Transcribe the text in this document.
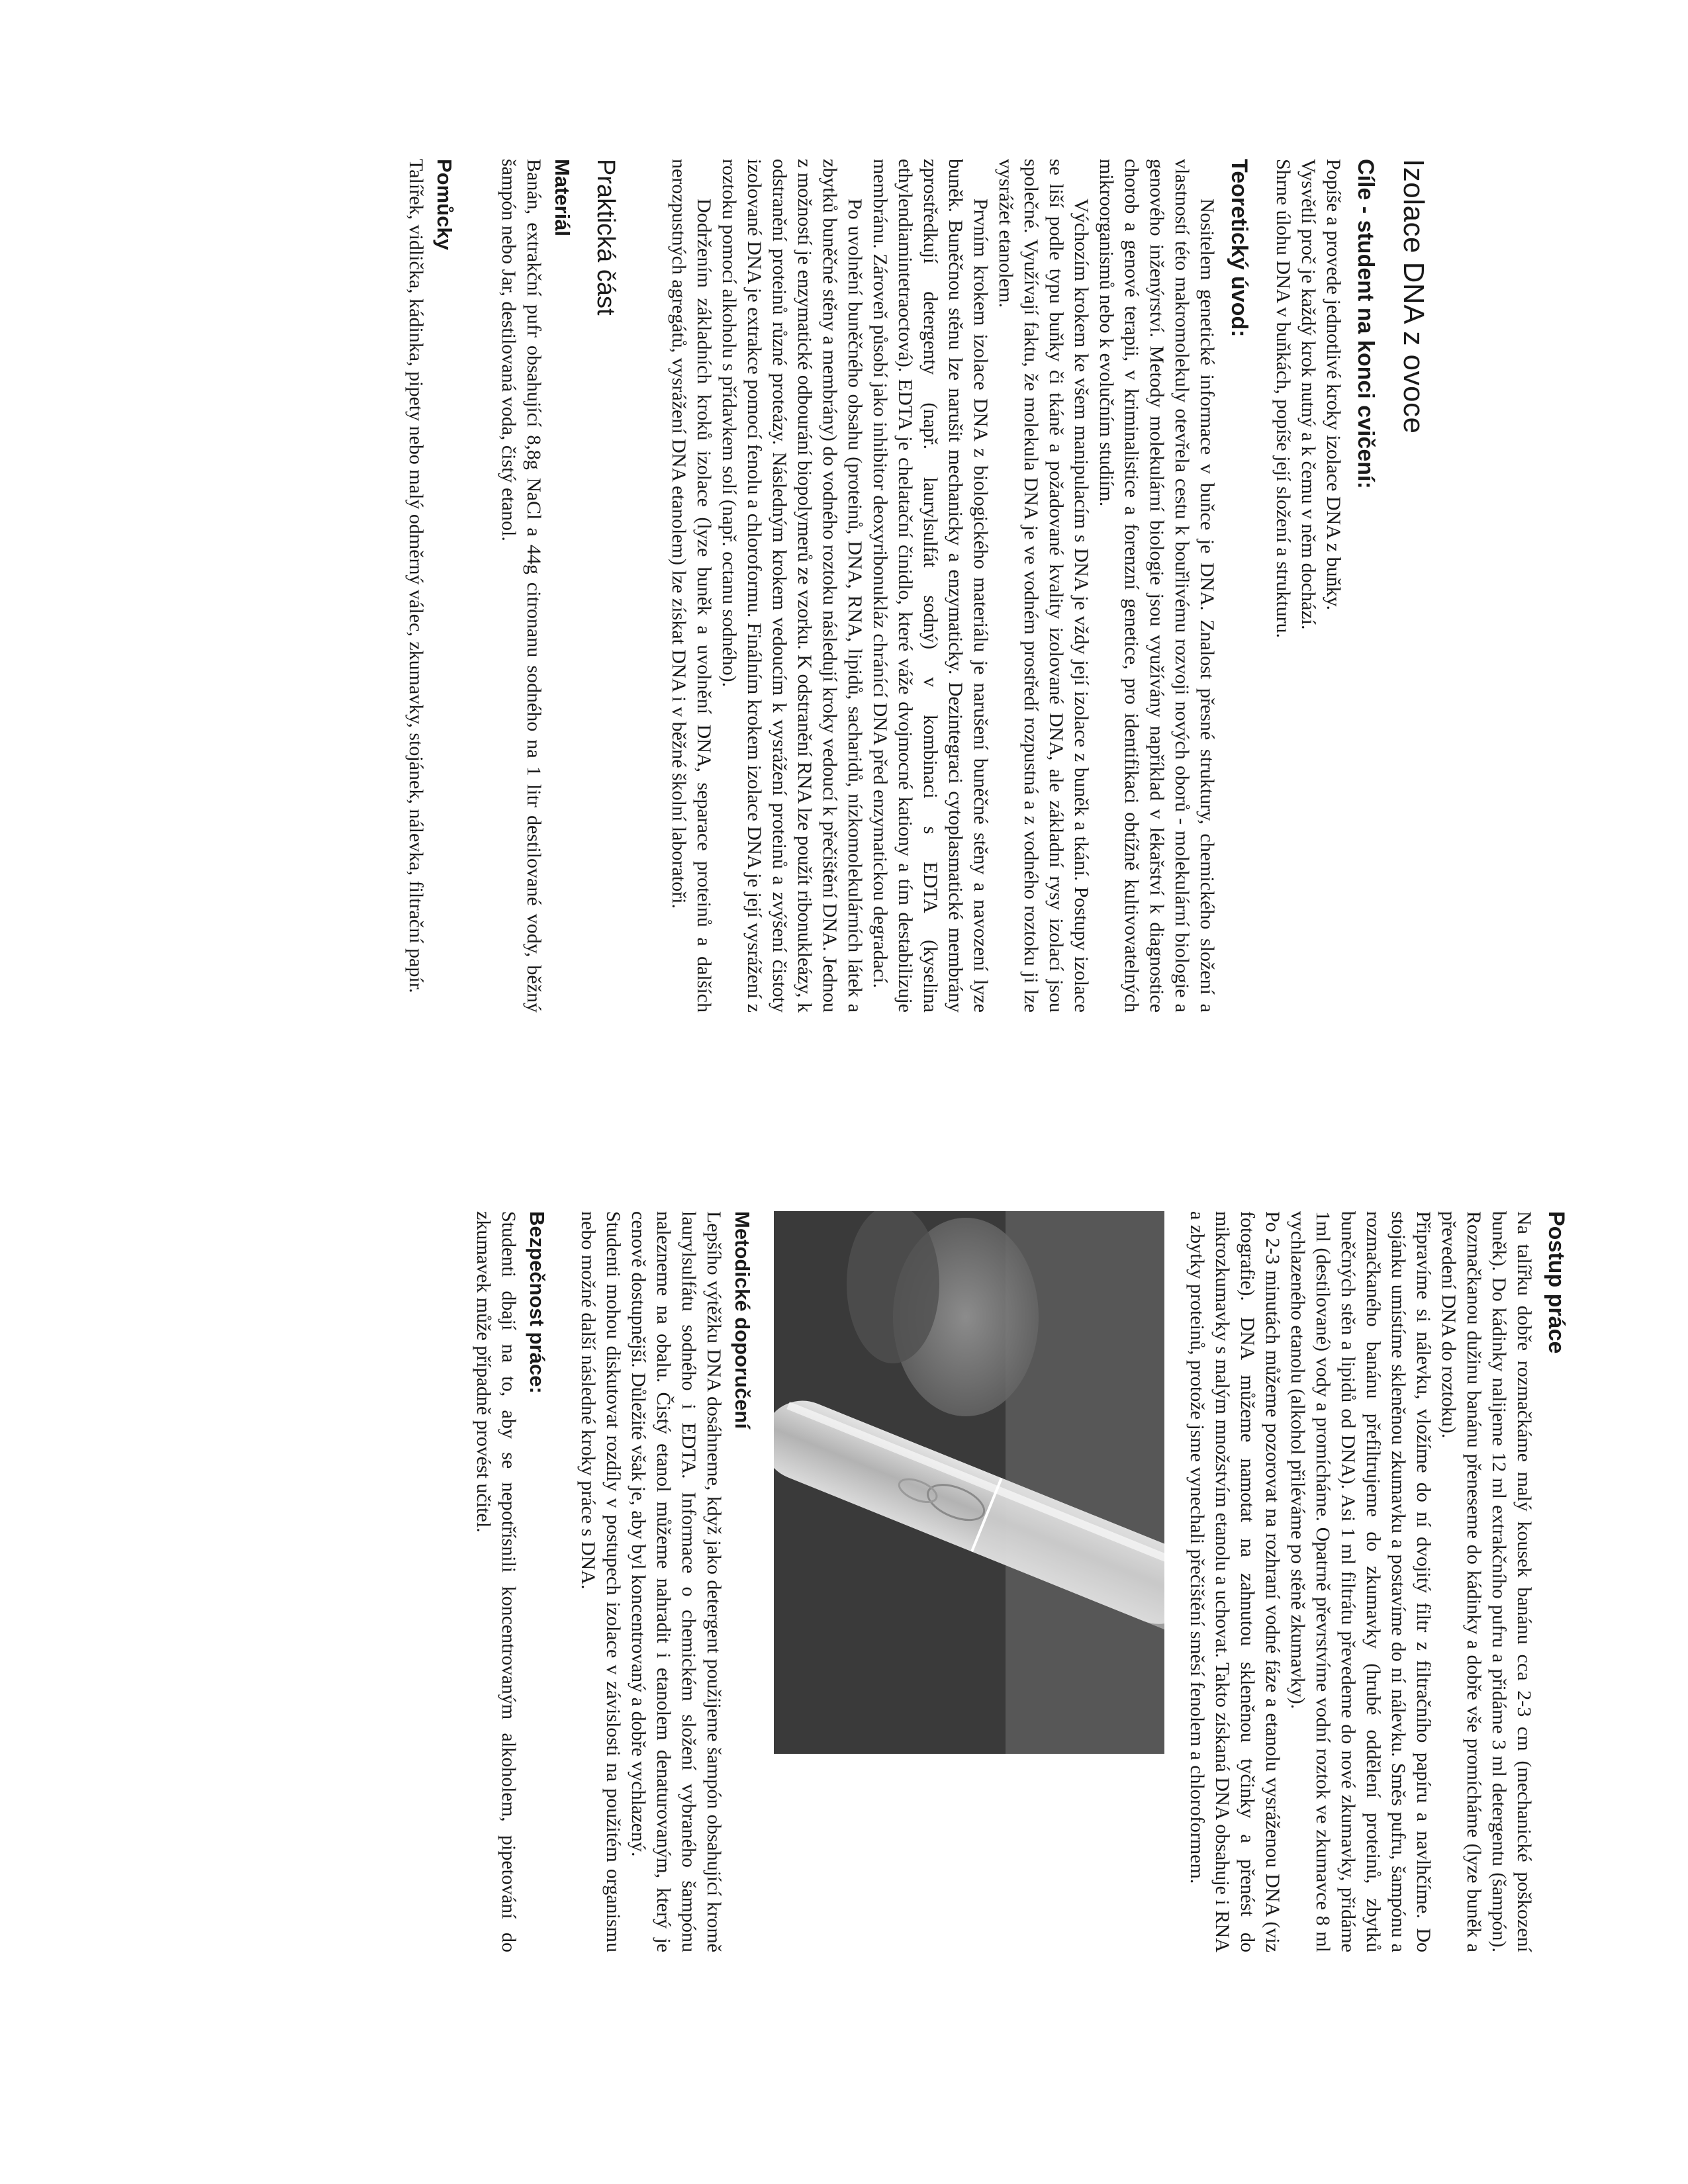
Izolace DNA z ovoce
Cíle - student na konci cvičení:

Popíše a provede jednotlivé kroky izolace DNA z buňky.

Vysvětlí proč je každý krok nutný a k čemu v něm dochází.

Shrne úlohu DNA v buňkách, popíše její složení a strukturu.

Teoretický úvod:

Nositelem genetické informace v buňce je DNA. Znalost přesné struktury, chemického složení a vlastností této makromolekuly otevřela cestu k bouřlivému rozvoji nových oborů - molekulární biologie a genového inženýrství. Metody molekulární biologie jsou využívány například v lékařství k diagnostice chorob a genové terapii, v kriminalistice a forenzní genetice, pro identifikaci obtížně kultivovatelných mikroorganismů nebo k evolučním studiím.

Výchozím krokem ke všem manipulacím s DNA je vždy její izolace z buněk a tkání. Postupy izolace se liší podle typu buňky či tkáně a požadované kvality izolované DNA, ale základní rysy izolací jsou společné. Využívají faktu, že molekula DNA je ve vodném prostředí rozpustná a z vodného roztoku ji lze vysrážet etanolem.

Prvním krokem izolace DNA z biologického materiálu je narušení buněčné stěny a navození lyze buněk. Buněčnou stěnu lze narušit mechanicky a enzymaticky. Dezintegraci cytoplasmatické membrány zprostředkují detergenty (např. laurylsulfát sodný) v kombinaci s EDTA (kyselina ethylendiamintetraoctová). EDTA je chelatační činidlo, které váže dvojmocné kationy a tím destabilizuje membránu. Zároveň působí jako inhibitor deoxyribonukláz chránící DNA před enzymatickou degradací.

Po uvolnění buněčného obsahu (proteinů, DNA, RNA, lipidů, sacharidů, nízkomolekulárních látek a zbytků buněčné stěny a membrány) do vodného roztoku následují kroky vedoucí k přečištění DNA. Jednou z možností je enzymatické odbourání biopolymerů ze vzorku. K odstranění RNA lze použít ribonukleázy, k odstranění proteinů různé proteázy. Následným krokem vedoucím k vysrážení proteinů a zvýšení čistoty izolované DNA je extrakce pomocí fenolu a chloroformu. Finálním krokem izolace DNA je její vysrážení z roztoku pomocí alkoholu s přídavkem solí (např. octanu sodného).

Dodržením základních kroků izolace (lyze buněk a uvolnění DNA, separace proteinů a dalších nerozpustných agregátů, vysrážení DNA etanolem) lze získat DNA i v běžné školní laboratoři.

Praktická část
Materiál

Banán, extrakční pufr obsahující 8,8g NaCl a 44g citronanu sodného na 1 litr destilované vody, běžný šampón nebo Jar, destilovaná voda, čistý etanol.

Pomůcky

Talířek, vidlička, kádinka, pipety nebo malý odměrný válec, zkumavky, stojánek, nálevka, filtrační papír.

Postup práce

Na talířku dobře rozmačkáme malý kousek banánu cca 2-3 cm (mechanické poškození buněk). Do kádinky nalijeme 12 ml extrakčního pufru a přidáme 3 ml detergentu (šampón). Rozmačkanou dužinu banánu přeneseme do kádinky a dobře vše promícháme (lyze buněk a převedení DNA do roztoku).

Připravíme si nálevku, vložíme do ní dvojitý filtr z filtračního papíru a navlhčíme. Do stojánku umístíme skleněnou zkumavku a postavíme do ní nálevku. Směs pufru, šampónu a rozmačkaného banánu přefiltrujeme do zkumavky (hrubé oddělení proteinů, zbytků buněčných stěn a lipidů od DNA). Asi 1 ml filtrátu převedeme do nové zkumavky, přidáme 1ml (destilované) vody a promícháme. Opatrně převrstvíme vodní roztok ve zkumavce 8 ml vychlazeného etanolu (alkohol přiléváme po stěně zkumavky).

Po 2-3 minutách můžeme pozorovat na rozhraní vodné fáze a etanolu vysráženou DNA (viz fotografie). DNA můžeme namotat na zahnutou skleněnou tyčinky a přenést do mikrozkumavky s malým množstvím etanolu a uchovat. Takto získaná DNA obsahuje i RNA a zbytky proteinů, protože jsme vynechali přečištění směsí fenolem a chloroformem.

Metodické doporučení

Lepšího výtěžku DNA dosáhneme, když jako detergent použijeme šampón obsahující kromě laurylsulfátu sodného i EDTA. Informace o chemickém složení vybraného šampónu nalezneme na obalu. Čistý etanol můžeme nahradit i etanolem denaturovaným, který je cenově dostupnější. Důležité však je, aby byl koncentrovaný a dobře vychlazený.

Studenti mohou diskutovat rozdíly v postupech izolace v závislosti na použitém organismu nebo možné další následné kroky práce s DNA.

Bezpečnost práce:

Studenti dbají na to, aby se nepotřísnili koncentrovaným alkoholem, pipetování do zkumavek může případně provést učitel.
